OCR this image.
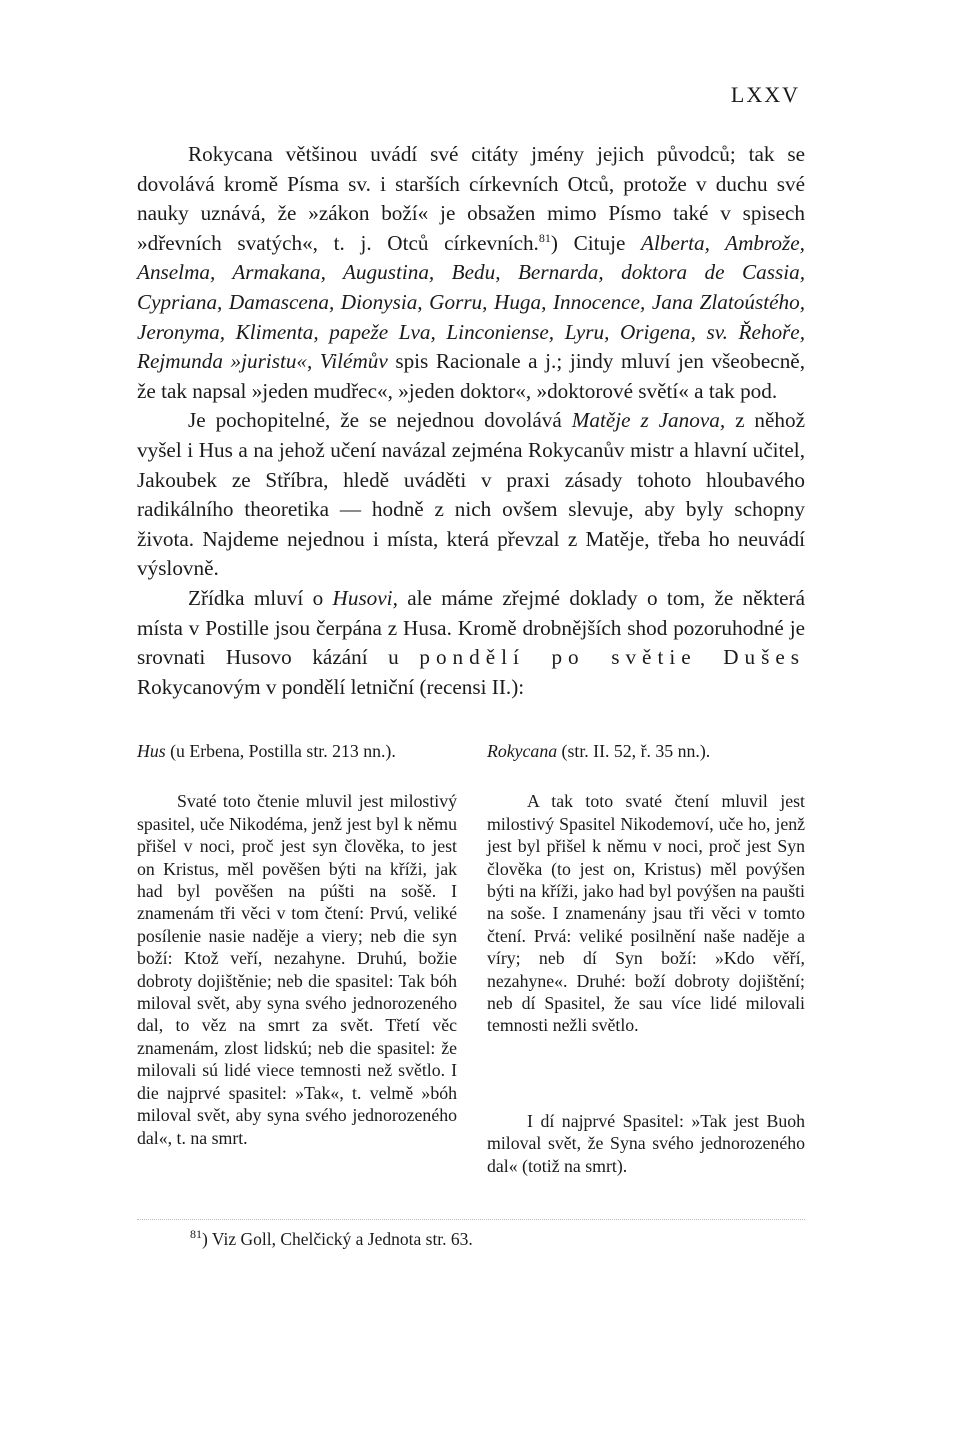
LXXV

Rokycana většinou uvádí své citáty jmény jejich původců; tak se dovolává kromě Písma sv. i starších církevních Otců, protože v duchu své nauky uznává, že »zákon boží« je obsažen mimo Písmo také v spisech »dřevních svatých«, t. j. Otců církevních.$^{81}$) Cituje Alberta, Ambrože, Anselma, Armakana, Augustina, Bedu, Bernarda, doktora de Cassia, Cypriana, Damascena, Dionysia, Gorru, Huga, Innocence, Jana Zlatoústého, Jeronyma, Klimenta, papeže Lva, Linconiense, Lyru, Origena, sv. Řehoře, Rejmunda »juristu«, Vilémův spis Racionale a j.; jindy mluví jen všeobecně, že tak napsal »jeden mudřec«, »jeden doktor«, »doktorové světí« a tak pod.

Je pochopitelné, že se nejednou dovolává Matěje z Janova, z něhož vyšel i Hus a na jehož učení navázal zejména Rokycanův mistr a hlavní učitel, Jakoubek ze Stříbra, hledě uváděti v praxi zásady tohoto hloubavého radikálního theoretika — hodně z nich ovšem slevuje, aby byly schopny života. Najdeme nejednou i místa, která převzal z Matěje, třeba ho neuvádí výslovně.

Zřídka mluví o Husovi, ale máme zřejmé doklady o tom, že některá místa v Postille jsou čerpána z Husa. Kromě drobnějších shod pozoruhodné je srovnati Husovo kázání u pondělí po světie Dušes Rokycanovým v pondělí letniční (recensi II.):

Hus (u Erbena, Postilla str. 213 nn.).

Svaté toto čtenie mluvil jest milostivý spasitel, uče Nikodéma, jenž jest byl k němu přišel v noci, proč jest syn člověka, to jest on Kristus, měl pověšen býti na kříži, jak had byl pověšen na púšti na sošě. I znamenám tři věci v tom čtení: Prvú, veliké posílenie nasie naděje a viery; neb die syn boží: Ktož veří, nezahyne. Druhú, božie dobroty dojištěnie; neb die spasitel: Tak bóh miloval svět, aby syna svého jednorozeného dal, to věz na smrt za svět. Třetí věc znamenám, zlost lidskú; neb die spasitel: že milovali sú lidé viece temnosti než světlo. I die najprvé spasitel: »Tak«, t. velmě »bóh miloval svět, aby syna svého jednorozeného dal«, t. na smrt.

Rokycana (str. II. 52, ř. 35 nn.).

A tak toto svaté čtení mluvil jest milostivý Spasitel Nikodemoví, uče ho, jenž jest byl přišel k němu v noci, proč jest Syn člověka (to jest on, Kristus) měl povýšen býti na kříži, jako had byl povýšen na paušti na soše. I znamenány jsau tři věci v tomto čtení. Prvá: veliké posilnění naše naděje a víry; neb dí Syn boží: »Kdo věří, nezahyne«. Druhé: boží dobroty dojištění; neb dí Spasitel, že sau více lidé milovali temnosti nežli světlo.

I dí najprvé Spasitel: »Tak jest Buoh miloval svět, že Syna svého jednorozeného dal« (totiž na smrt).

$^{81}$) Viz Goll, Chelčický a Jednota str. 63.
